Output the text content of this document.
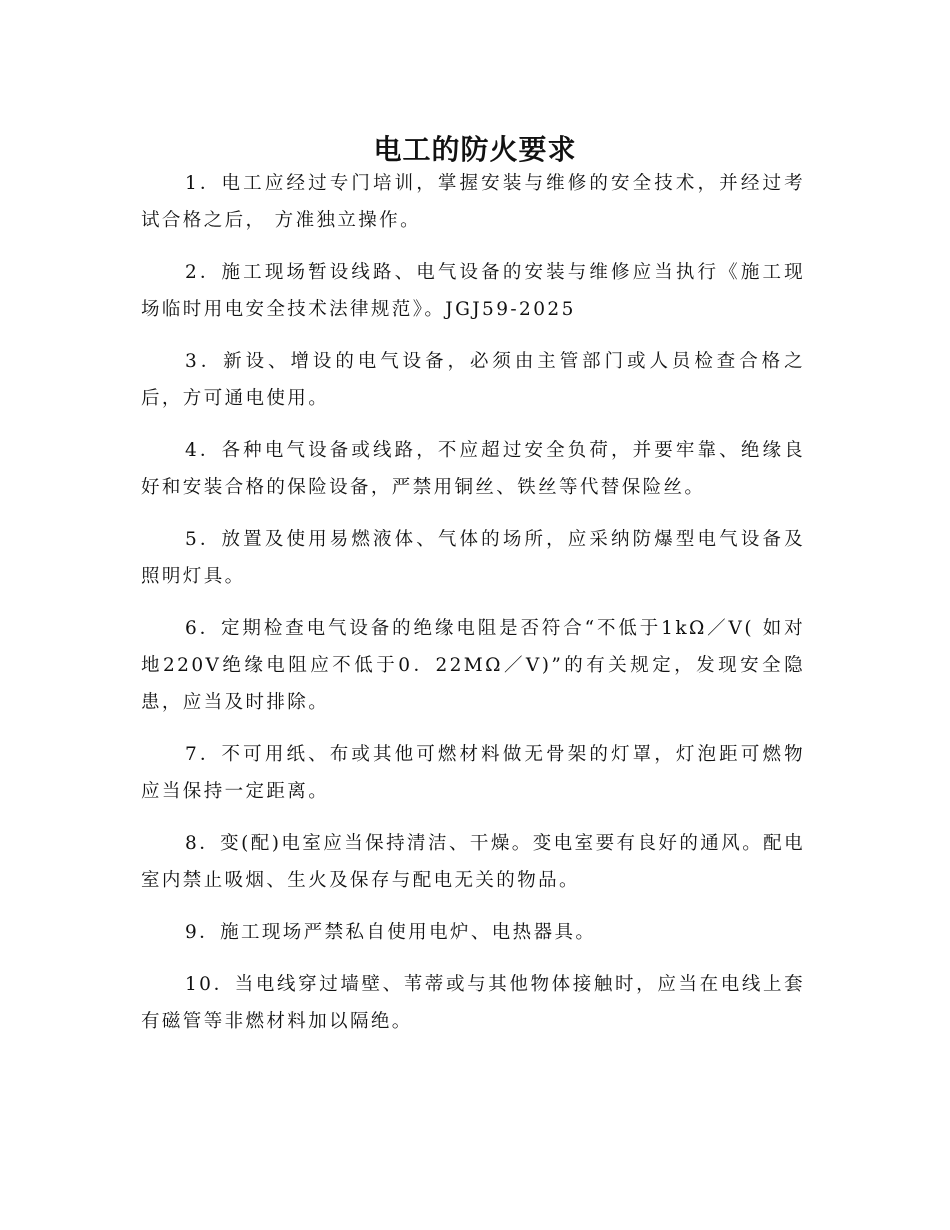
电工的防火要求

1．电工应经过专门培训，掌握安装与维修的安全技术，并经过考试合格之后， 方准独立操作。

2．施工现场暂设线路、电气设备的安装与维修应当执行《施工现场临时用电安全技术法律规范》。JGJ59-2025

3．新设、增设的电气设备，必须由主管部门或人员检查合格之后，方可通电使用。

4．各种电气设备或线路，不应超过安全负荷，并要牢靠、绝缘良好和安装合格的保险设备，严禁用铜丝、铁丝等代替保险丝。

5．放置及使用易燃液体、气体的场所，应采纳防爆型电气设备及照明灯具。

6．定期检查电气设备的绝缘电阻是否符合“不低于1kΩ／V( 如对地220V绝缘电阻应不低于0．22MΩ／V)”的有关规定，发现安全隐患，应当及时排除。

7．不可用纸、布或其他可燃材料做无骨架的灯罩，灯泡距可燃物应当保持一定距离。

8．变(配)电室应当保持清洁、干燥。变电室要有良好的通风。配电室内禁止吸烟、生火及保存与配电无关的物品。

9．施工现场严禁私自使用电炉、电热器具。

10．当电线穿过墙壁、苇蒂或与其他物体接触时，应当在电线上套有磁管等非燃材料加以隔绝。
